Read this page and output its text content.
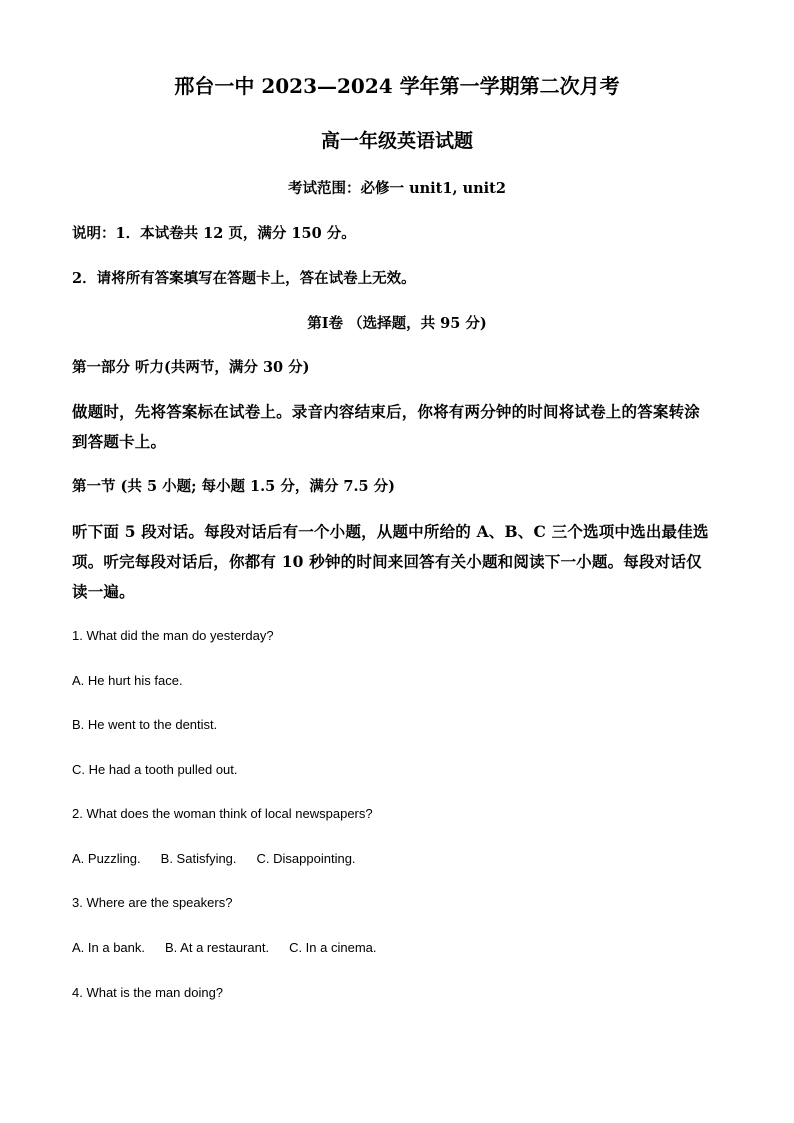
邢台一中 2023—2024 学年第一学期第二次月考
高一年级英语试题
考试范围：必修一 unit1, unit2
说明：1．本试卷共 12 页，满分 150 分。
2．请将所有答案填写在答题卡上，答在试卷上无效。
第Ⅰ卷 （选择题，共 95 分)
第一部分 听力(共两节，满分 30 分)
做题时，先将答案标在试卷上。录音内容结束后，你将有两分钟的时间将试卷上的答案转涂
到答题卡上。
第一节 (共 5 小题; 每小题 1.5 分，满分 7.5 分)
听下面 5 段对话。每段对话后有一个小题，从题中所给的 A、B、C 三个选项中选出最佳选
项。听完每段对话后，你都有 10 秒钟的时间来回答有关小题和阅读下一小题。每段对话仅
读一遍。
1. What did the man do yesterday?
A. He hurt his face.
B. He went to the dentist.
C. He had a tooth pulled out.
2. What does the woman think of local newspapers?
A. Puzzling. B. Satisfying. C. Disappointing.
3. Where are the speakers?
A. In a bank. B. At a restaurant. C. In a cinema.
4. What is the man doing?
